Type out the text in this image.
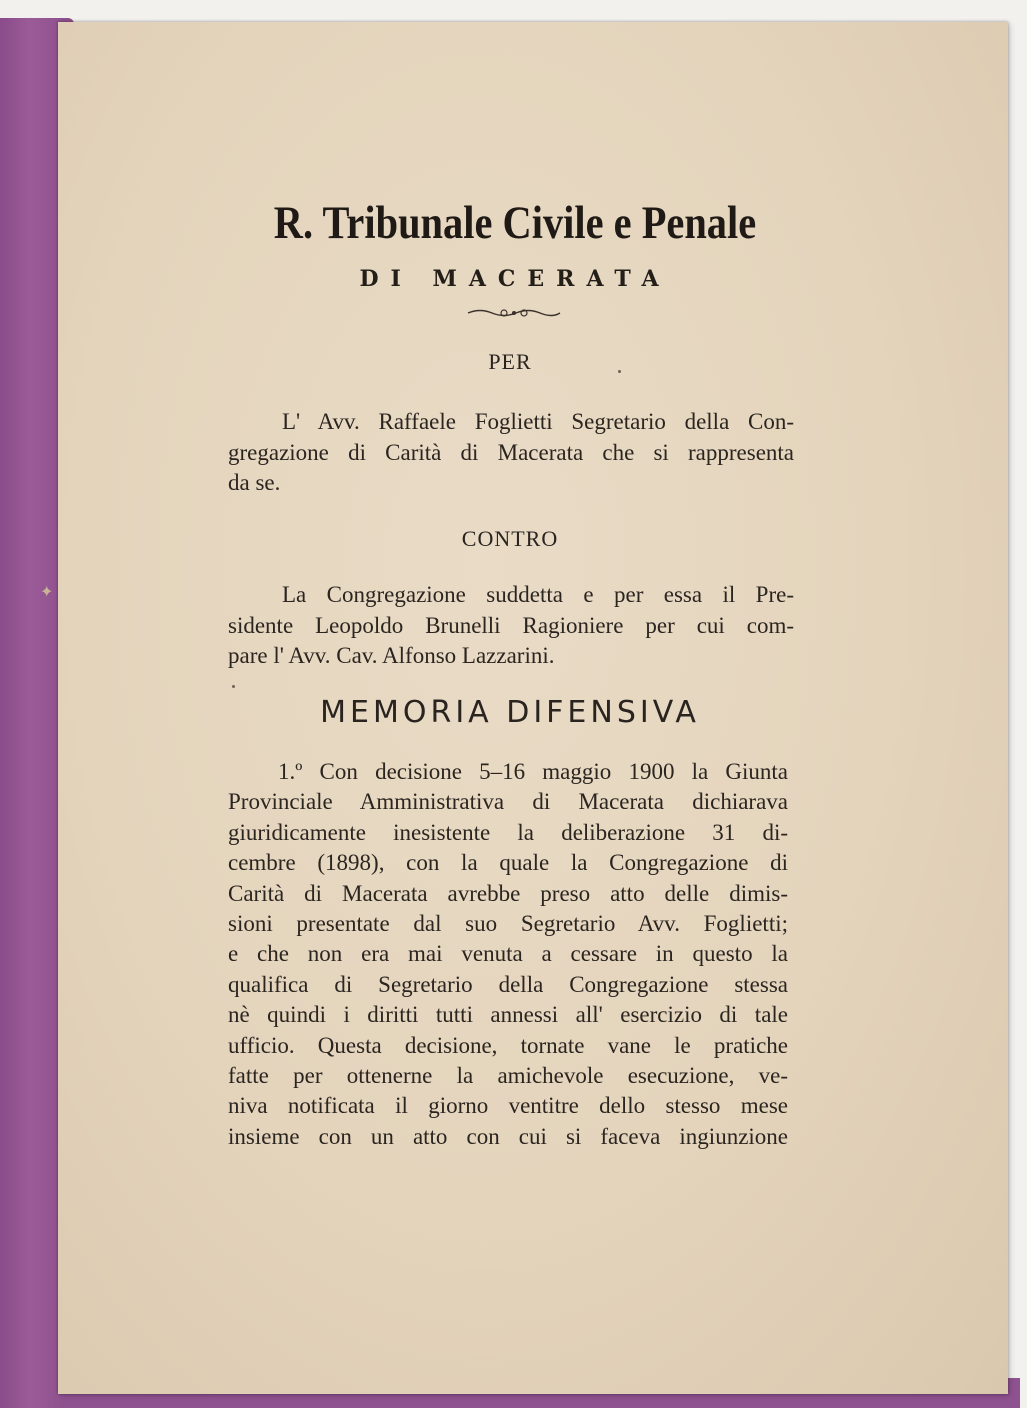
✦
R. Tribunale Civile e Penale
DI MACERATA
PER
L' Avv. Raffaele Foglietti Segretario della Con-
gregazione di Carità di Macerata che si rappresenta
da se.
CONTRO
La Congregazione suddetta e per essa il Pre-
sidente Leopoldo Brunelli Ragioniere per cui com-
pare l' Avv. Cav. Alfonso Lazzarini.
MEMORIA DIFENSIVA
1.º Con decisione 5–16 maggio 1900 la Giunta
Provinciale Amministrativa di Macerata dichiarava
giuridicamente inesistente la deliberazione 31 di-
cembre (1898), con la quale la Congregazione di
Carità di Macerata avrebbe preso atto delle dimis-
sioni presentate dal suo Segretario Avv. Foglietti;
e che non era mai venuta a cessare in questo la
qualifica di Segretario della Congregazione stessa
nè quindi i diritti tutti annessi all' esercizio di tale
ufficio. Questa decisione, tornate vane le pratiche
fatte per ottenerne la amichevole esecuzione, ve-
niva notificata il giorno ventitre dello stesso mese
insieme con un atto con cui si faceva ingiunzione
